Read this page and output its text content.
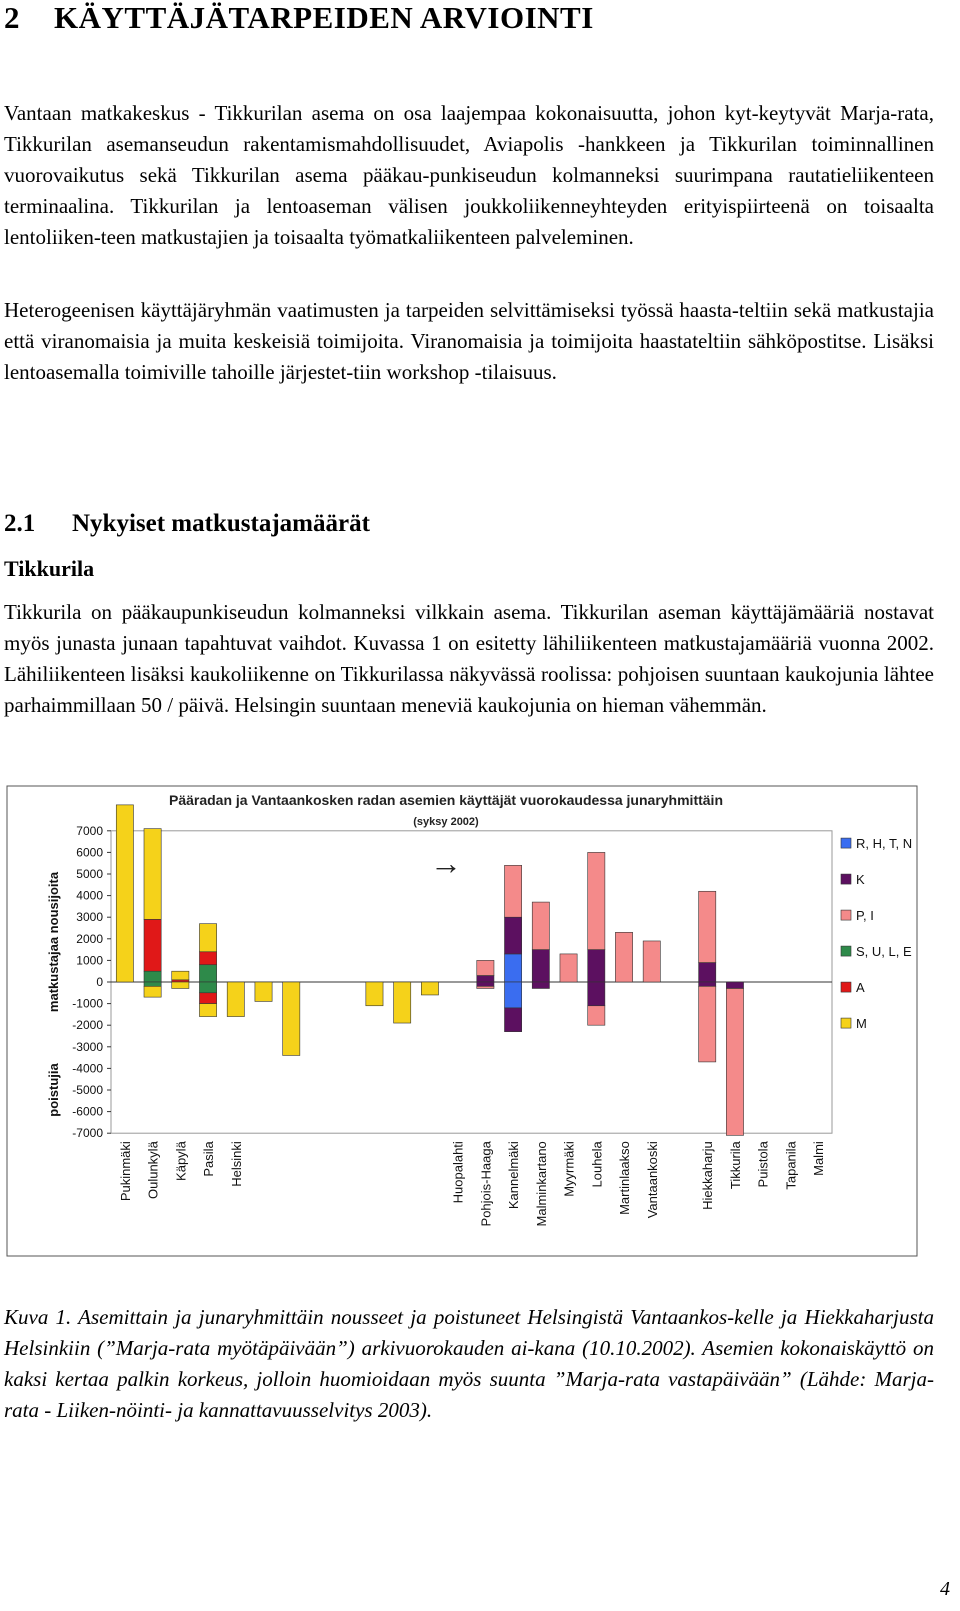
2 KÄYTTÄJÄTARPEIDEN ARVIOINTI
Vantaan matkakeskus - Tikkurilan asema on osa laajempaa kokonaisuutta, johon kyt-keytyvät Marja-rata, Tikkurilan asemanseudun rakentamismahdollisuudet, Aviapolis -hankkeen ja Tikkurilan toiminnallinen vuorovaikutus sekä Tikkurilan asema pääkau-punkiseudun kolmanneksi suurimpana rautatieliikenteen terminaalina. Tikkurilan ja lentoaseman välisen joukkoliikenneyhteyden erityispiirteenä on toisaalta lentoliiken-teen matkustajien ja toisaalta työmatkaliikenteen palveleminen.
Heterogeenisen käyttäjäryhmän vaatimusten ja tarpeiden selvittämiseksi työssä haasta-teltiin sekä matkustajia että viranomaisia ja muita keskeisiä toimijoita. Viranomaisia ja toimijoita haastateltiin sähköpostitse. Lisäksi lentoasemalla toimiville tahoille järjestet-tiin workshop -tilaisuus.
2.1 Nykyiset matkustajamäärät
Tikkurila
Tikkurila on pääkaupunkiseudun kolmanneksi vilkkain asema. Tikkurilan aseman käyttäjämääriä nostavat myös junasta junaan tapahtuvat vaihdot. Kuvassa 1 on esitetty lähiliikenteen matkustajamääriä vuonna 2002. Lähiliikenteen lisäksi kaukoliikenne on Tikkurilassa näkyvässä roolissa: pohjoisen suuntaan kaukojunia lähtee parhaimmillaan 50 / päivä. Helsingin suuntaan meneviä kaukojunia on hieman vähemmän.
Pääradan ja Vantaankosken radan asemien käyttäjät vuorokaudessa junaryhmittäin
(syksy 2002)
7000
6000
5000
4000
3000
2000
1000
0
-1000
-2000
-3000
-4000
-5000
-6000
-7000
matkustajaa nousijoita
poistujia
→
Pukinmäki Oulunkylä Käpylä Pasila Helsinki	Huopalahti Pohjois-Haaga Kannelmäki Malminkartano Myyrmäki Louhela Martinlaakso Vantaankoski	Hiekkaharju Tikkurila Puistola Tapanila Malmi
R, H, T, N
K
P, I
S, U, L, E
A
M
Kuva 1. Asemittain ja junaryhmittäin nousseet ja poistuneet Helsingistä Vantaankos-kelle ja Hiekkaharjusta Helsinkiin (”Marja-rata myötäpäivään”) arkivuorokauden ai-kana (10.10.2002). Asemien kokonaiskäyttö on kaksi kertaa palkin korkeus, jolloin huomioidaan myös suunta ”Marja-rata vastapäivään” (Lähde: Marja-rata - Liiken-nöinti- ja kannattavuusselvitys 2003).
4
